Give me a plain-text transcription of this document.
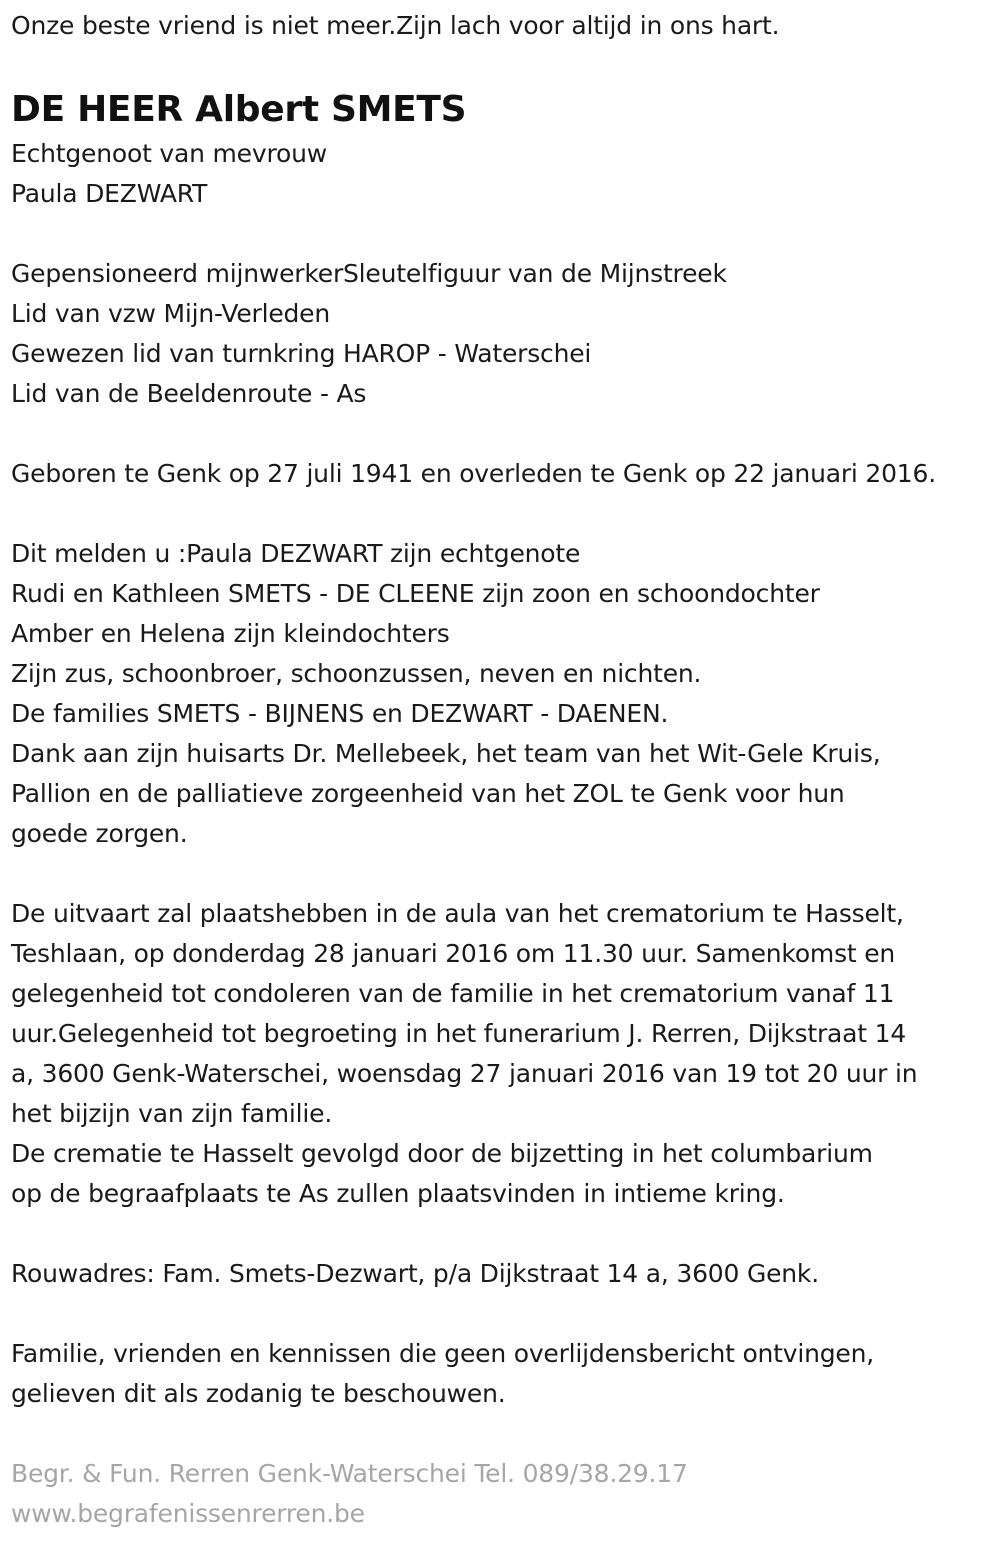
Onze beste vriend is niet meer.Zijn lach voor altijd in ons hart.
DE HEER Albert SMETS
Echtgenoot van mevrouw
Paula DEZWART
Gepensioneerd mijnwerkerSleutelfiguur van de Mijnstreek
Lid van vzw Mijn-Verleden
Gewezen lid van turnkring HAROP - Waterschei
Lid van de Beeldenroute - As
Geboren te Genk op 27 juli 1941 en overleden te Genk op 22 januari 2016.
Dit melden u :Paula DEZWART zijn echtgenote
Rudi en Kathleen SMETS - DE CLEENE zijn zoon en schoondochter
Amber en Helena zijn kleindochters
Zijn zus, schoonbroer, schoonzussen, neven en nichten.
De families SMETS - BIJNENS en DEZWART - DAENEN.
Dank aan zijn huisarts Dr. Mellebeek, het team van het Wit-Gele Kruis,
Pallion en de palliatieve zorgeenheid van het ZOL te Genk voor hun
goede zorgen.
De uitvaart zal plaatshebben in de aula van het crematorium te Hasselt,
Teshlaan, op donderdag 28 januari 2016 om 11.30 uur. Samenkomst en
gelegenheid tot condoleren van de familie in het crematorium vanaf 11
uur.Gelegenheid tot begroeting in het funerarium J. Rerren, Dijkstraat 14
a, 3600 Genk-Waterschei, woensdag 27 januari 2016 van 19 tot 20 uur in
het bijzijn van zijn familie.
De crematie te Hasselt gevolgd door de bijzetting in het columbarium
op de begraafplaats te As zullen plaatsvinden in intieme kring.
Rouwadres: Fam. Smets-Dezwart, p/a Dijkstraat 14 a, 3600 Genk.
Familie, vrienden en kennissen die geen overlijdensbericht ontvingen,
gelieven dit als zodanig te beschouwen.
Begr. & Fun. Rerren Genk-Waterschei Tel. 089/38.29.17
www.begrafenissenrerren.be
